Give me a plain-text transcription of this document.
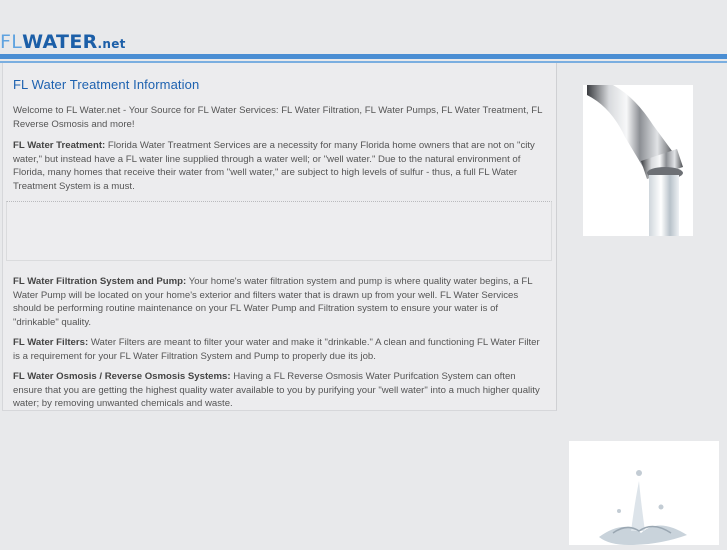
FLWATER.net
FL Water Treatment Information

Welcome to FL Water.net - Your Source for FL Water Services: FL Water Filtration, FL Water Pumps, FL Water Treatment, FL Reverse Osmosis and more!

FL Water Treatment: Florida Water Treatment Services are a necessity for many Florida home owners that are not on "city water," but instead have a FL water line supplied through a water well; or "well water." Due to the natural environment of Florida, many homes that receive their water from "well water," are subject to high levels of sulfur - thus, a full FL Water Treatment System is a must.

FL Water Filtration System and Pump: Your home's water filtration system and pump is where quality water begins, a FL Water Pump will be located on your home's exterior and filters water that is drawn up from your well. FL Water Services should be performing routine maintenance on your FL Water Pump and Filtration system to ensure your water is of "drinkable" quality.

FL Water Filters: Water Filters are meant to filter your water and make it "drinkable." A clean and functioning FL Water Filter is a requirement for your FL Water Filtration System and Pump to properly due its job.

FL Water Osmosis / Reverse Osmosis Systems: Having a FL Reverse Osmosis Water Purifcation System can often ensure that you are getting the highest quality water available to you by purifying your "well water" into a much higher quality water; by removing unwanted chemicals and waste.
